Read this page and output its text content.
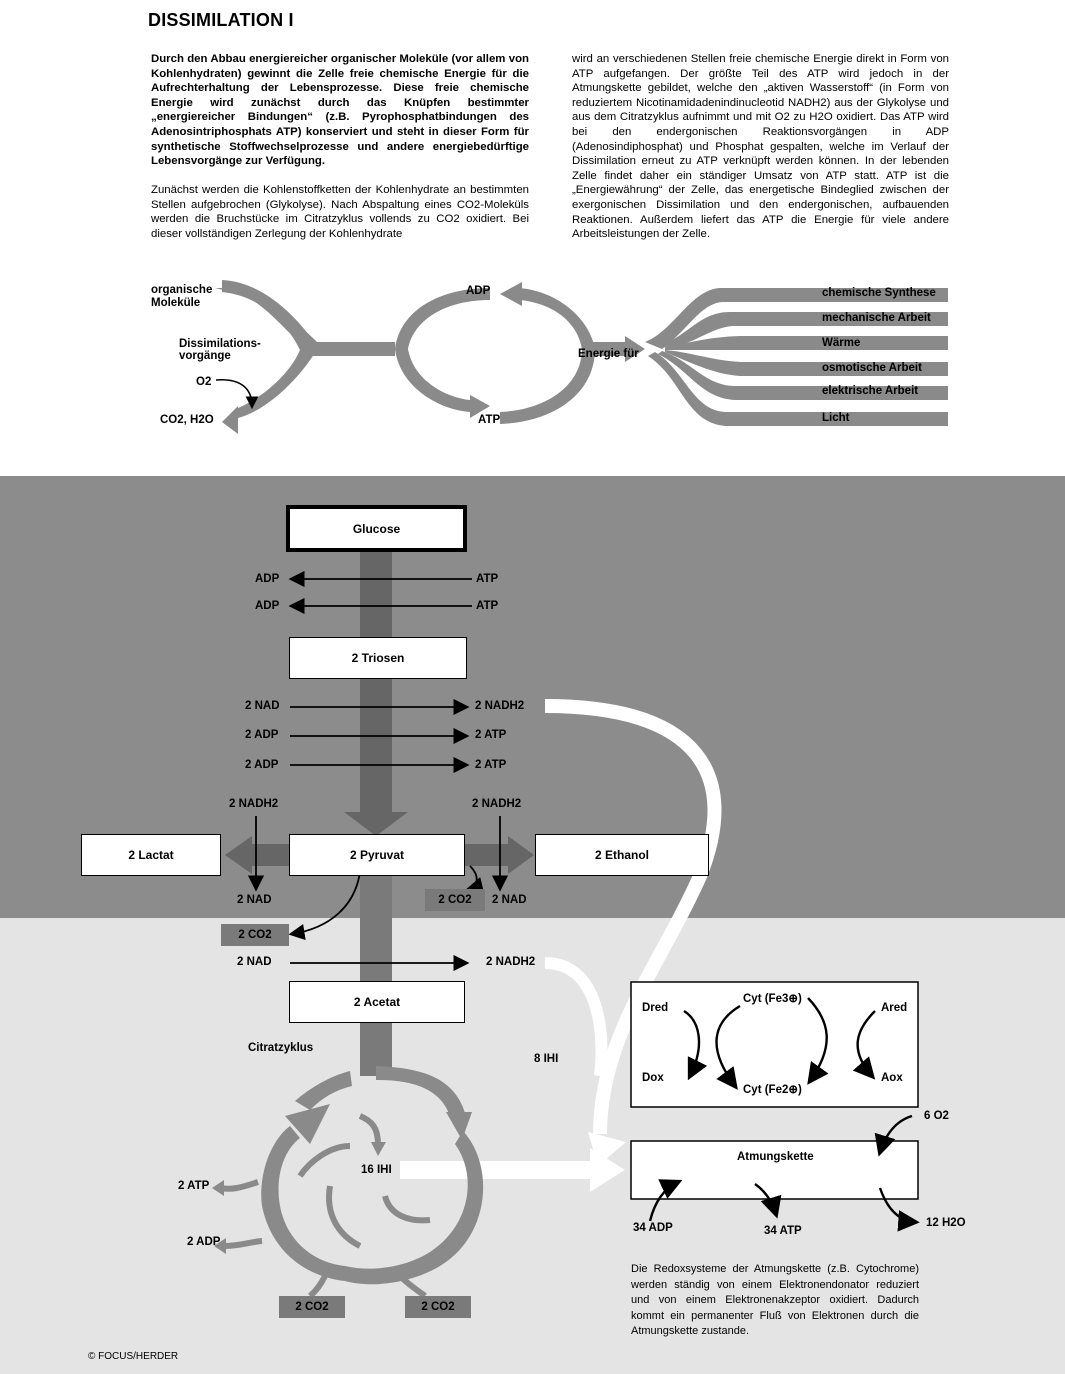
DISSIMILATION I

Durch den Abbau energiereicher organischer Moleküle (vor allem von Kohlenhydraten) gewinnt die Zelle freie chemische Energie für die Aufrechterhaltung der Lebensprozesse. Diese freie chemische Energie wird zunächst durch das Knüpfen bestimmter „energiereicher Bindungen“ (z.B. Pyrophosphatbindungen des Adenosintriphosphats ATP) konserviert und steht in dieser Form für synthetische Stoffwechselprozesse und andere energiebedürftige Lebensvorgänge zur Verfügung.

Zunächst werden die Kohlenstoffketten der Kohlenhydrate an bestimmten Stellen aufgebrochen (Glykolyse). Nach Abspaltung eines CO2-Moleküls werden die Bruchstücke im Citratzyklus vollends zu CO2 oxidiert. Bei dieser vollständigen Zerlegung der Kohlenhydrate

wird an verschiedenen Stellen freie chemische Energie direkt in Form von ATP aufgefangen. Der größte Teil des ATP wird jedoch in der Atmungskette gebildet, welche den „aktiven Wasserstoff“ (in Form von reduziertem Nicotinamidadenindinucleotid NADH2) aus der Glykolyse und aus dem Citratzyklus aufnimmt und mit O2 zu H2O oxidiert. Das ATP wird bei den endergonischen Reaktionsvorgängen in ADP (Adenosindiphosphat) und Phosphat gespalten, welche im Verlauf der Dissimilation erneut zu ATP verknüpft werden können. In der lebenden Zelle findet daher ein ständiger Umsatz von ATP statt. ATP ist die „Energiewährung“ der Zelle, das energetische Bindeglied zwischen der exergonischen Dissimilation und den endergonischen, aufbauenden Reaktionen. Außerdem liefert das ATP die Energie für viele andere Arbeitsleistungen der Zelle.

organische
Moleküle
Dissimilations-
vorgänge
O2
CO2, H2O
ADP
ATP
Energie für
chemische Synthese
mechanische Arbeit
Wärme
osmotische Arbeit
elektrische Arbeit
Licht
Glucose
2 Triosen
2 Pyruvat
2 Lactat	2 Ethanol
2 Acetat
2 CO2
2 CO2
2 CO2	2 CO2
ADP	ATP
ADP	ATP
2 NAD	2 NADH2
2 ADP	2 ATP
2 ADP	2 ATP
2 NADH2	2 NADH2
2 NAD	2 NAD
2 NAD	2 NADH2
Citratzyklus
16 IHI
8 IHI
2 ATP
2 ADP
Dred
Dox
Cyt (Fe3⊕)
Cyt (Fe2⊕)
Ared
Aox
6 O2
Atmungskette
34 ADP	34 ATP
12 H2O
Die Redoxsysteme der Atmungskette (z.B. Cytochrome) werden ständig von einem Elektronendonator reduziert und von einem Elektronenakzeptor oxidiert. Dadurch kommt ein permanenter Fluß von Elektronen durch die Atmungskette zustande.
© FOCUS/HERDER
